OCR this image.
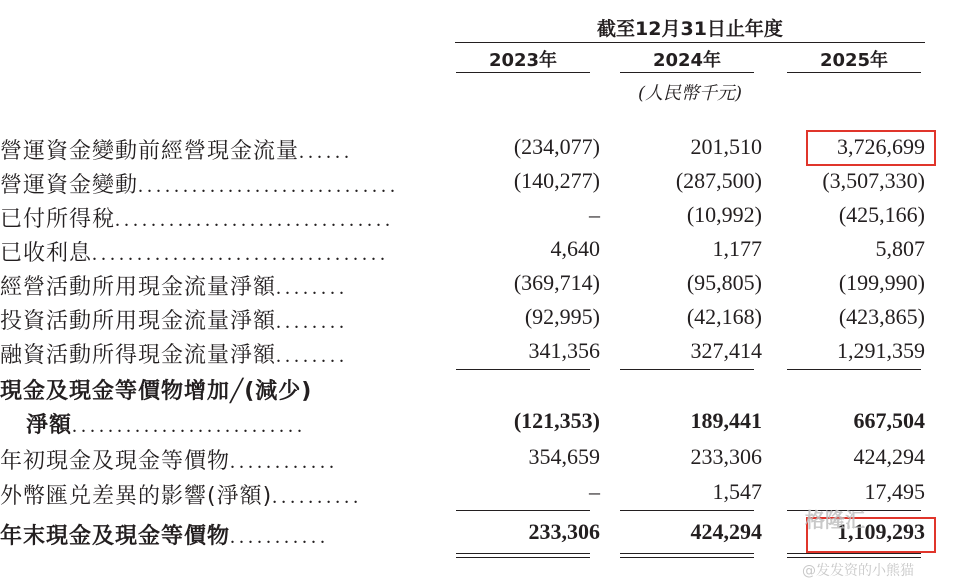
截至12月31日止年度
2023年	2024年	2025年
(人民幣千元)
營運資金變動前經營現金流量......	(234,077)	201,510	3,726,699
營運資金變動.............................	(140,277)	(287,500)	(3,507,330)
已付所得稅...............................	–	(10,992)	(425,166)
已收利息.................................	4,640	1,177	5,807
經營活動所用現金流量淨額........	(369,714)	(95,805)	(199,990)
投資活動所用現金流量淨額........	(92,995)	(42,168)	(423,865)
融資活動所得現金流量淨額........	341,356	327,414	1,291,359
現金及現金等價物增加╱(減少)
淨額..........................	(121,353)	189,441	667,504
年初現金及現金等價物............	354,659	233,306	424,294
外幣匯兑差異的影響(淨額)..........	–	1,547	17,495
年末現金及現金等價物...........	233,306	424,294	1,109,293
格隆汇
@发发资的小熊猫
